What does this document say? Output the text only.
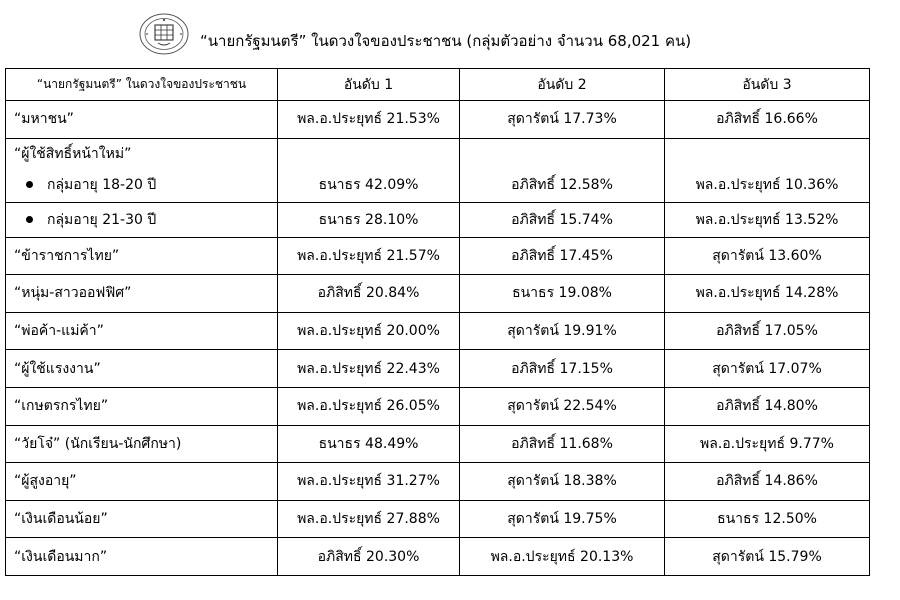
“นายกรัฐมนตรี” ในดวงใจของประชาชน (กลุ่มตัวอย่าง จำนวน 68,021 คน)
“นายกรัฐมนตรี” ในดวงใจของประชาชน	อันดับ 1	อันดับ 2	อันดับ 3
“มหาชน”	พล.อ.ประยุทธ์ 21.53%	สุดารัตน์ 17.73%	อภิสิทธิ์ 16.66%
“ผู้ใช้สิทธิ์หน้าใหม่”			
กลุ่มอายุ 18-20 ปี	ธนาธร 42.09%	อภิสิทธิ์ 12.58%	พล.อ.ประยุทธ์ 10.36%
กลุ่มอายุ 21-30 ปี	ธนาธร 28.10%	อภิสิทธิ์ 15.74%	พล.อ.ประยุทธ์ 13.52%
“ข้าราชการไทย”	พล.อ.ประยุทธ์ 21.57%	อภิสิทธิ์ 17.45%	สุดารัตน์ 13.60%
“หนุ่ม-สาวออฟฟิศ”	อภิสิทธิ์ 20.84%	ธนาธร 19.08%	พล.อ.ประยุทธ์ 14.28%
“พ่อค้า-แม่ค้า”	พล.อ.ประยุทธ์ 20.00%	สุดารัตน์ 19.91%	อภิสิทธิ์ 17.05%
“ผู้ใช้แรงงาน”	พล.อ.ประยุทธ์ 22.43%	อภิสิทธิ์ 17.15%	สุดารัตน์ 17.07%
“เกษตรกรไทย”	พล.อ.ประยุทธ์ 26.05%	สุดารัตน์ 22.54%	อภิสิทธิ์ 14.80%
“วัยโจ๋” (นักเรียน-นักศึกษา)	ธนาธร 48.49%	อภิสิทธิ์ 11.68%	พล.อ.ประยุทธ์ 9.77%
“ผู้สูงอายุ”	พล.อ.ประยุทธ์ 31.27%	สุดารัตน์ 18.38%	อภิสิทธิ์ 14.86%
“เงินเดือนน้อย”	พล.อ.ประยุทธ์ 27.88%	สุดารัตน์ 19.75%	ธนาธร 12.50%
“เงินเดือนมาก”	อภิสิทธิ์ 20.30%	พล.อ.ประยุทธ์ 20.13%	สุดารัตน์ 15.79%
